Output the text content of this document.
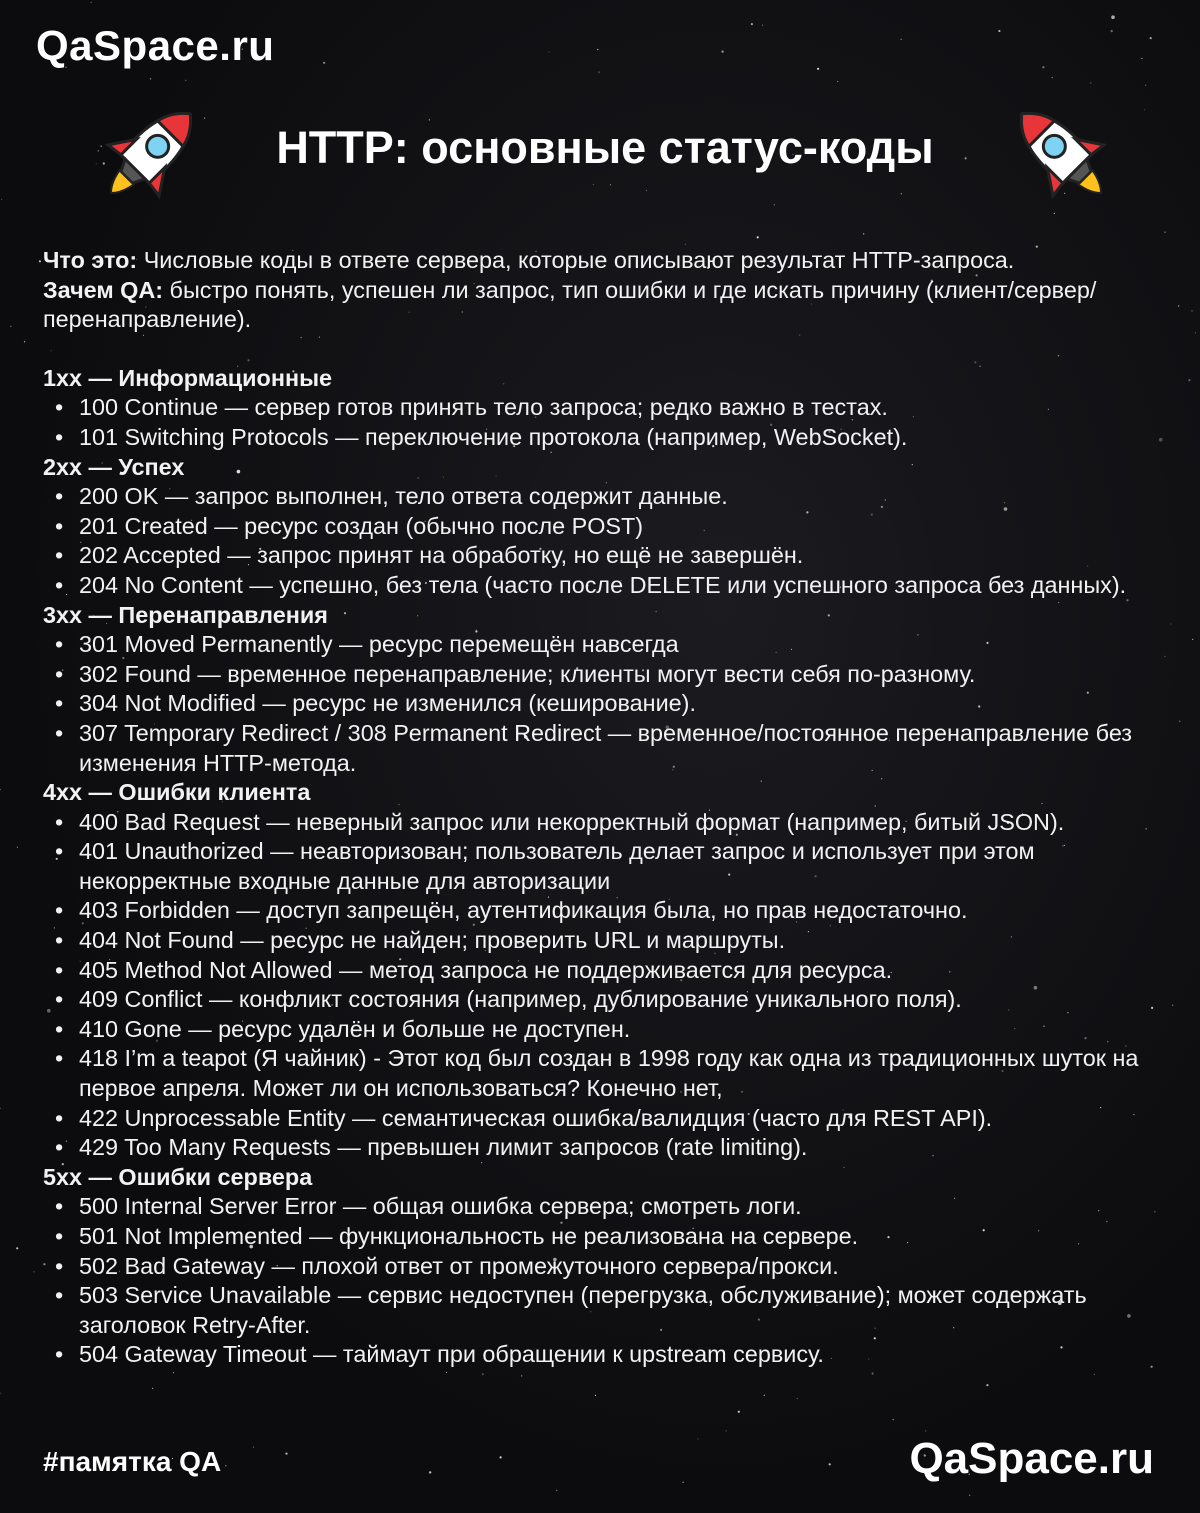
QaSpace.ru
HTTP: основные статус-коды

Что это: Числовые коды в ответе сервера, которые описывают результат HTTP-запроса.

Зачем QA: быстро понять, успешен ли запрос, тип ошибки и где искать причину (клиент/сервер/перенаправление).

1xx — Информационные
• 100 Continue — сервер готов принять тело запроса; редко важно в тестах.
• 101 Switching Protocols — переключение протокола (например, WebSocket).
2xx — Успех
• 200 OK — запрос выполнен, тело ответа содержит данные.
• 201 Created — ресурс создан (обычно после POST)
• 202 Accepted — запрос принят на обработку, но ещё не завершён.
• 204 No Content — успешно, без тела (часто после DELETE или успешного запроса без данных).
3xx — Перенаправления
• 301 Moved Permanently — ресурс перемещён навсегда
• 302 Found — временное перенаправление; клиенты могут вести себя по-разному.
• 304 Not Modified — ресурс не изменился (кеширование).
• 307 Temporary Redirect / 308 Permanent Redirect — временное/постоянное перенаправление без изменения HTTP-метода.
4xx — Ошибки клиента
• 400 Bad Request — неверный запрос или некорректный формат (например, битый JSON).
• 401 Unauthorized — неавторизован; пользователь делает запрос и использует при этом некорректные входные данные для авторизации
• 403 Forbidden — доступ запрещён, аутентификация была, но прав недостаточно.
• 404 Not Found — ресурс не найден; проверить URL и маршруты.
• 405 Method Not Allowed — метод запроса не поддерживается для ресурса.
• 409 Conflict — конфликт состояния (например, дублирование уникального поля).
• 410 Gone — ресурс удалён и больше не доступен.
• 418 I’m a teapot (Я чайник) - Этот код был создан в 1998 году как одна из традиционных шуток на первое апреля. Может ли он использоваться? Конечно нет,
• 422 Unprocessable Entity — семантическая ошибка/валидция (часто для REST API).
• 429 Too Many Requests — превышен лимит запросов (rate limiting).
5xx — Ошибки сервера
• 500 Internal Server Error — общая ошибка сервера; смотреть логи.
• 501 Not Implemented — функциональность не реализована на сервере.
• 502 Bad Gateway — плохой ответ от промежуточного сервера/прокси.
• 503 Service Unavailable — сервис недоступен (перегрузка, обслуживание); может содержать заголовок Retry-After.
• 504 Gateway Timeout — таймаут при обращении к upstream сервису.
#памятка QA	QaSpace.ru
